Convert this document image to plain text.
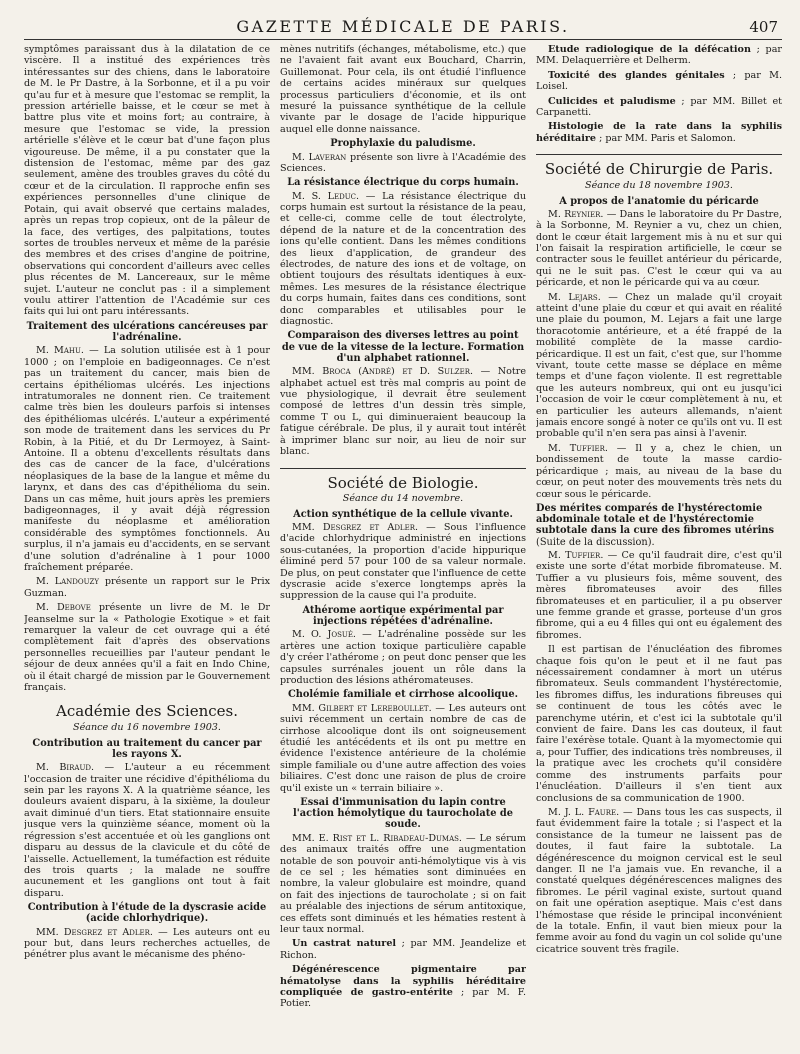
GAZETTE MÉDICALE DE PARIS.	407

symptômes paraissant dus à la dilatation de ce viscère. Il a institué des expériences très intéressantes sur des chiens, dans le laboratoire de M. le Pr Dastre, à la Sorbonne, et il a pu voir qu'au fur et à mesure que l'estomac se remplit, la pression artérielle baisse, et le cœur se met à battre plus vite et moins fort; au contraire, à mesure que l'estomac se vide, la pression artérielle s'élève et le cœur bat d'une façon plus vigoureuse. De même, il a pu constater que la distension de l'estomac, même par des gaz seulement, amène des troubles graves du côté du cœur et de la circulation. Il rapproche enfin ses expériences personnelles d'une clinique de Potain, qui avait observé que certains malades, après un repas trop copieux, ont de la pâleur de la face, des vertiges, des palpitations, toutes sortes de troubles nerveux et même de la parésie des membres et des crises d'angine de poitrine, observations qui concordent d'ailleurs avec celles plus récentes de M. Lancereaux, sur le même sujet. L'auteur ne conclut pas : il a simplement voulu attirer l'attention de l'Académie sur ces faits qui lui ont paru intéressants.

Traitement des ulcérations cancéreuses par l'adrénaline.

M. Mahu. — La solution utilisée est à 1 pour 1000 ; on l'emploie en badigeonnages. Ce n'est pas un traitement du cancer, mais bien de certains épithéliomas ulcérés. Les injections intratumorales ne donnent rien. Ce traitement calme très bien les douleurs parfois si intenses des épithéliomas ulcérés. L'auteur a expérimenté son mode de traitement dans les services du Pr Robin, à la Pitié, et du Dr Lermoyez, à Saint-Antoine. Il a obtenu d'excellents résultats dans des cas de cancer de la face, d'ulcérations néoplasiques de la base de la langue et même du larynx, et dans des cas d'épithélioma du sein. Dans un cas même, huit jours après les premiers badigeonnages, il y avait déjà régression manifeste du néoplasme et amélioration considérable des symptômes fonctionnels. Au surplus, il n'a jamais eu d'accidents, en se servant d'une solution d'adrénaline à 1 pour 1000 fraîchement préparée.

M. Landouzy présente un rapport sur le Prix Guzman.

M. Debove présente un livre de M. le Dr Jeanselme sur la « Pathologie Exotique » et fait remarquer la valeur de cet ouvrage qui a été complètement fait d'après des observations personnelles recueillies par l'auteur pendant le séjour de deux années qu'il a fait en Indo Chine, où il était chargé de mission par le Gouvernement français.

Académie des Sciences.
Séance du 16 novembre 1903.
Contribution au traitement du cancer par les rayons X.

M. Biraud. — L'auteur a eu récemment l'occasion de traiter une récidive d'épithélioma du sein par les rayons X. A la quatrième séance, les douleurs avaient disparu, à la sixième, la douleur avait diminué d'un tiers. Etat stationnaire ensuite jusque vers la quinzième séance, moment où la régression s'est accentuée et où les ganglions ont disparu au dessus de la clavicule et du côté de l'aisselle. Actuellement, la tuméfaction est réduite des trois quarts ; la malade ne souffre aucunement et les ganglions ont tout à fait disparu.

Contribution à l'étude de la dyscrasie acide (acide chlorhydrique).

MM. Desgrez et Adler. — Les auteurs ont eu pour but, dans leurs recherches actuelles, de pénétrer plus avant le mécanisme des phéno-

mènes nutritifs (échanges, métabolisme, etc.) que ne l'avaient fait avant eux Bouchard, Charrin, Guillemonat. Pour cela, ils ont étudié l'influence de certains acides minéraux sur quelques processus particuliers d'économie, et ils ont mesuré la puissance synthétique de la cellule vivante par le dosage de l'acide hippurique auquel elle donne naissance.

Prophylaxie du paludisme.

M. Laveran présente son livre à l'Académie des Sciences.

La résistance électrique du corps humain.

M. S. Leduc. — La résistance électrique du corps humain est surtout la résistance de la peau, et celle-ci, comme celle de tout électrolyte, dépend de la nature et de la concentration des ions qu'elle contient. Dans les mêmes conditions des lieux d'application, de grandeur des électrodes, de nature des ions et de voltage, on obtient toujours des résultats identiques à eux-mêmes. Les mesures de la résistance électrique du corps humain, faites dans ces conditions, sont donc comparables et utilisables pour le diagnostic.

Comparaison des diverses lettres au point de vue de la vitesse de la lecture. Formation d'un alphabet rationnel.

MM. Broca (André) et D. Sulzer. — Notre alphabet actuel est très mal compris au point de vue physiologique, il devrait être seulement composé de lettres d'un dessin très simple, comme T ou L, qui diminueraient beaucoup la fatigue cérébrale. De plus, il y aurait tout intérêt à imprimer blanc sur noir, au lieu de noir sur blanc.

Société de Biologie.
Séance du 14 novembre.
Action synthétique de la cellule vivante.

MM. Desgrez et Adler. — Sous l'influence d'acide chlorhydrique administré en injections sous-cutanées, la proportion d'acide hippurique éliminé perd 57 pour 100 de sa valeur normale. De plus, on peut constater que l'influence de cette dyscrasie acide s'exerce longtemps après la suppression de la cause qui l'a produite.

Athérome aortique expérimental par injections répétées d'adrénaline.

M. O. Josué. — L'adrénaline possède sur les artères une action toxique particulière capable d'y créer l'athérome ; on peut donc penser que les capsules surrénales jouent un rôle dans la production des lésions athéromateuses.

Cholémie familiale et cirrhose alcoolique.

MM. Gilbert et Lereboullet. — Les auteurs ont suivi récemment un certain nombre de cas de cirrhose alcoolique dont ils ont soigneusement étudié les antécédents et ils ont pu mettre en évidence l'existence antérieure de la cholémie simple familiale ou d'une autre affection des voies biliaires. C'est donc une raison de plus de croire qu'il existe un « terrain biliaire ».

Essai d'immunisation du lapin contre l'action hémolytique du taurocholate de soude.

MM. E. Rist et L. Ribadeau-Dumas. — Le sérum des animaux traités offre une augmentation notable de son pouvoir anti-hémolytique vis à vis de ce sel ; les hématies sont diminuées en nombre, la valeur globulaire est moindre, quand on fait des injections de taurocholate ; si on fait au préalable des injections de sérum antitoxique, ces effets sont diminués et les hématies restent à leur taux normal.

Un castrat naturel ; par MM. Jeandelize et Richon.

Dégénérescence pigmentaire par hématolyse dans la syphilis héréditaire compliquée de gastro-entérite ; par M. F. Potier.

Etude radiologique de la défécation ; par MM. Delaquerrière et Delherm.

Toxicité des glandes génitales ; par M. Loisel.

Culicides et paludisme ; par MM. Billet et Carpanetti.

Histologie de la rate dans la syphilis héréditaire ; par MM. Paris et Salomon.

Société de Chirurgie de Paris.
Séance du 18 novembre 1903.
A propos de l'anatomie du péricarde

M. Reynier. — Dans le laboratoire du Pr Dastre, à la Sorbonne, M. Reynier a vu, chez un chien, dont le cœur était largement mis à nu et sur qui l'on faisait la respiration artificielle, le cœur se contracter sous le feuillet antérieur du péricarde, qui ne le suit pas. C'est le cœur qui va au péricarde, et non le péricarde qui va au cœur.

M. Lejars. — Chez un malade qu'il croyait atteint d'une plaie du cœur et qui avait en réalité une plaie du poumon, M. Lejars a fait une large thoracotomie antérieure, et a été frappé de la mobilité complète de la masse cardio-péricardique. Il est un fait, c'est que, sur l'homme vivant, toute cette masse se déplace en même temps et d'une façon violente. Il est regrettable que les auteurs nombreux, qui ont eu jusqu'ici l'occasion de voir le cœur complètement à nu, et en particulier les auteurs allemands, n'aient jamais encore songé à noter ce qu'ils ont vu. Il est probable qu'il n'en sera pas ainsi à l'avenir.

M. Tuffier. — Il y a, chez le chien, un bondissement de toute la masse cardio-péricardique ; mais, au niveau de la base du cœur, on peut noter des mouvements très nets du cœur sous le péricarde.

Des mérites comparés de l'hystérectomie abdominale totale et de l'hystérectomie subtotale dans la cure des fibromes utérins (Suite de la discussion).

M. Tuffier. — Ce qu'il faudrait dire, c'est qu'il existe une sorte d'état morbide fibromateuse. M. Tuffier a vu plusieurs fois, même souvent, des mères fibromateuses avoir des filles fibromateuses et en particulier, il a pu observer une femme grande et grasse, porteuse d'un gros fibrome, qui a eu 4 filles qui ont eu également des fibromes.

Il est partisan de l'énucléation des fibromes chaque fois qu'on le peut et il ne faut pas nécessairement condamner à mort un utérus fibromateux. Seuls commandent l'hystérectomie, les fibromes diffus, les indurations fibreuses qui se continuent de tous les côtés avec le parenchyme utérin, et c'est ici la subtotale qu'il convient de faire. Dans les cas douteux, il faut faire l'exérèse totale. Quant à la myomectomie qui a, pour Tuffier, des indications très nombreuses, il la pratique avec les crochets qu'il considère comme des instruments parfaits pour l'énucléation. D'ailleurs il s'en tient aux conclusions de sa communication de 1900.

M. J. L. Faure. — Dans tous les cas suspects, il faut évidemment faire la totale ; si l'aspect et la consistance de la tumeur ne laissent pas de doutes, il faut faire la subtotale. La dégénérescence du moignon cervical est le seul danger. Il ne l'a jamais vue. En revanche, il a constaté quelques dégénérescences malignes des fibromes. Le péril vaginal existe, surtout quand on fait une opération aseptique. Mais c'est dans l'hémostase que réside le principal inconvénient de la totale. Enfin, il vaut bien mieux pour la femme avoir au fond du vagin un col solide qu'une cicatrice souvent très fragile.
